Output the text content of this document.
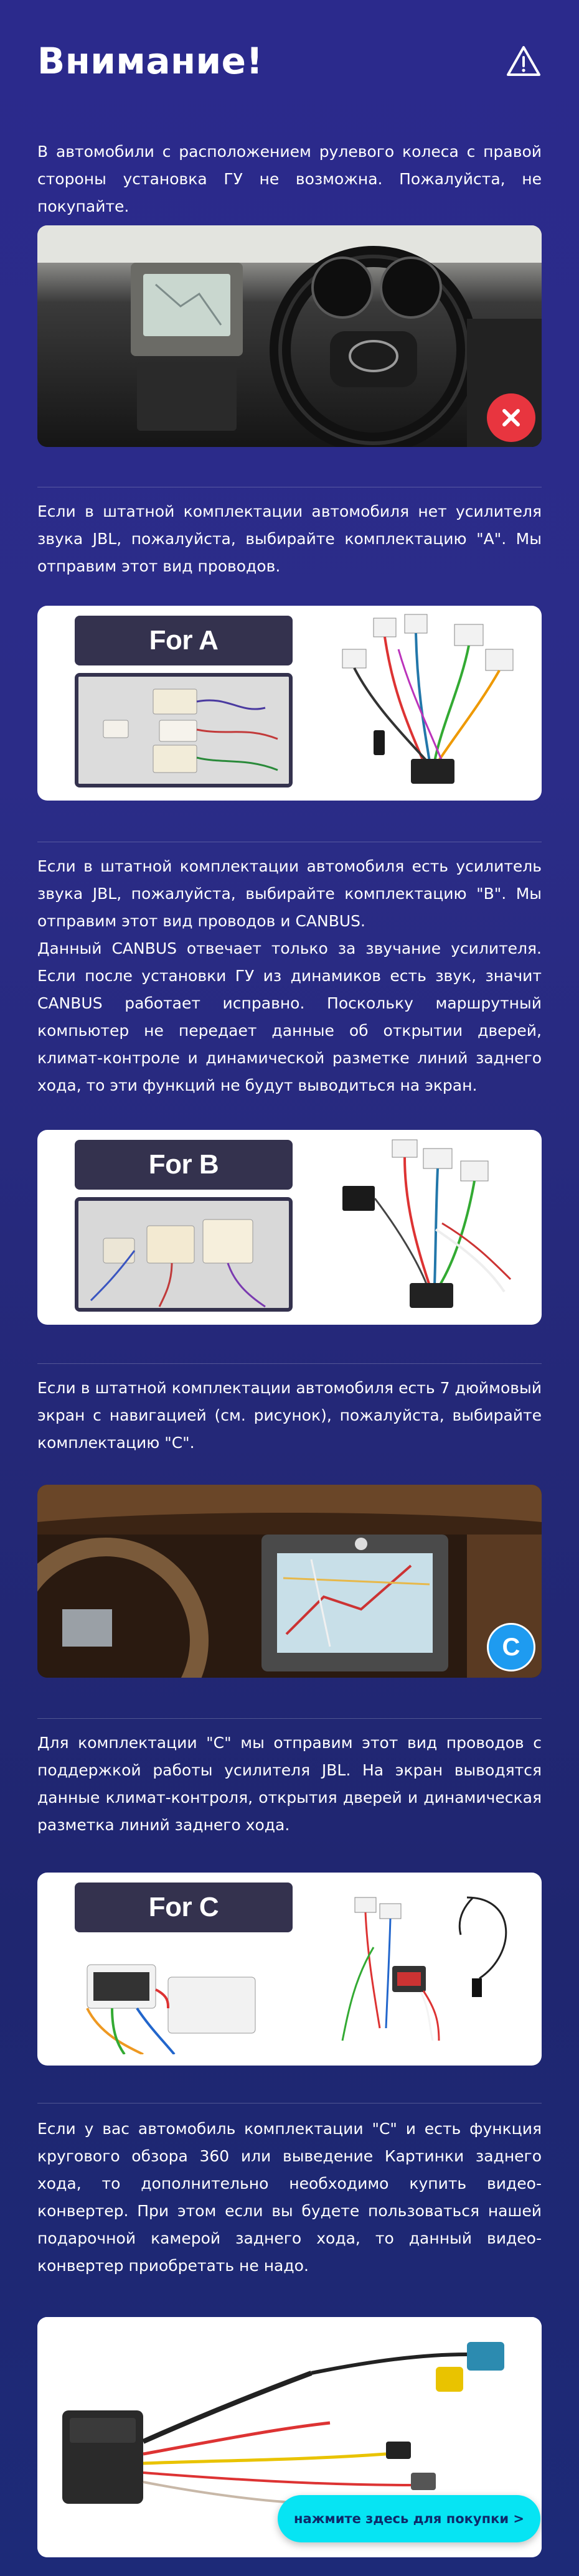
Внимание!
В автомобили с расположением рулевого колеса с правой стороны установка ГУ не возможна. Пожалуйста, не покупайте.
Если в штатной комплектации автомобиля нет усилителя звука JBL, пожалуйста, выбирайте комплектацию "A". Мы отправим этот вид проводов.
For A
Если в штатной комплектации автомобиля есть усилитель звука JBL, пожалуйста, выбирайте комплектацию "B". Мы отправим этот вид проводов и CANBUS.
Данный CANBUS отвечает только за звучание усилителя. Если после установки ГУ из динамиков есть звук, значит CANBUS работает исправно. Поскольку маршрутный компьютер не передает данные об открытии дверей, климат-контроле и динамической разметке линий заднего хода, то эти функций не будут выводиться на экран.
For B
Если в штатной комплектации автомобиля есть 7 дюймовый экран с навигацией (см. рисунок), пожалуйста, выбирайте комплектацию "C".
C
Для комплектации "C" мы отправим этот вид проводов с поддержкой работы усилителя JBL. На экран выводятся данные климат-контроля, открытия дверей и динамическая разметка линий заднего хода.
For C
Если у вас автомобиль комплектации "C" и есть функция кругового обзора 360 или выведение Картинки заднего хода, то дополнительно необходимо купить видео-конвертер. При этом если вы будете пользоваться нашей подарочной камерой заднего хода, то данный видео-конвертер приобретать не надо.
нажмите здесь для покупки >
